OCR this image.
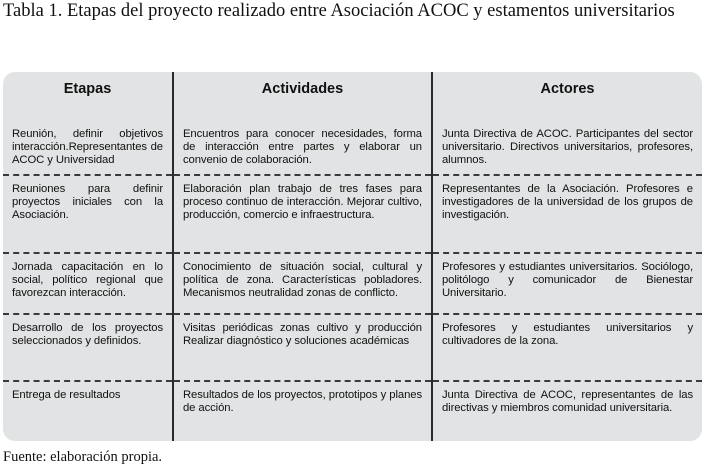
Tabla 1. Etapas del proyecto realizado entre Asociación ACOC y estamentos universitarios
Etapas	Actividades	Actores
Reunión, definir objetivos interacción.Representantes de ACOC y Universidad	Encuentros para conocer necesidades, forma de interacción entre partes y elaborar un convenio de colaboración.	Junta Directiva de ACOC. Participantes del sector universitario. Directivos universitarios, profesores, alumnos.
Reuniones para definir proyectos iniciales con la Asociación.	Elaboración plan trabajo de tres fases para proceso continuo de interacción. Mejorar cultivo, producción, comercio e infraestructura.	Representantes de la Asociación. Profesores e investigadores de la universidad de los grupos de investigación.
Jornada capacitación en lo social, político regional que favorezcan interacción.	Conocimiento de situación social, cultural y política de zona. Características pobladores. Mecanismos neutralidad zonas de conflicto.	Profesores y estudiantes universitarios. Sociólogo, politólogo y comunicador de Bienestar Universitario.
Desarrollo de los proyectos seleccionados y definidos.	Visitas periódicas zonas cultivo y producción Realizar diagnóstico y soluciones académicas	Profesores y estudiantes universitarios y cultivadores de la zona.
Entrega de resultados	Resultados de los proyectos, prototipos y planes de acción.	Junta Directiva de ACOC, representantes de las directivas y miembros comunidad universitaria.
Fuente: elaboración propia.
